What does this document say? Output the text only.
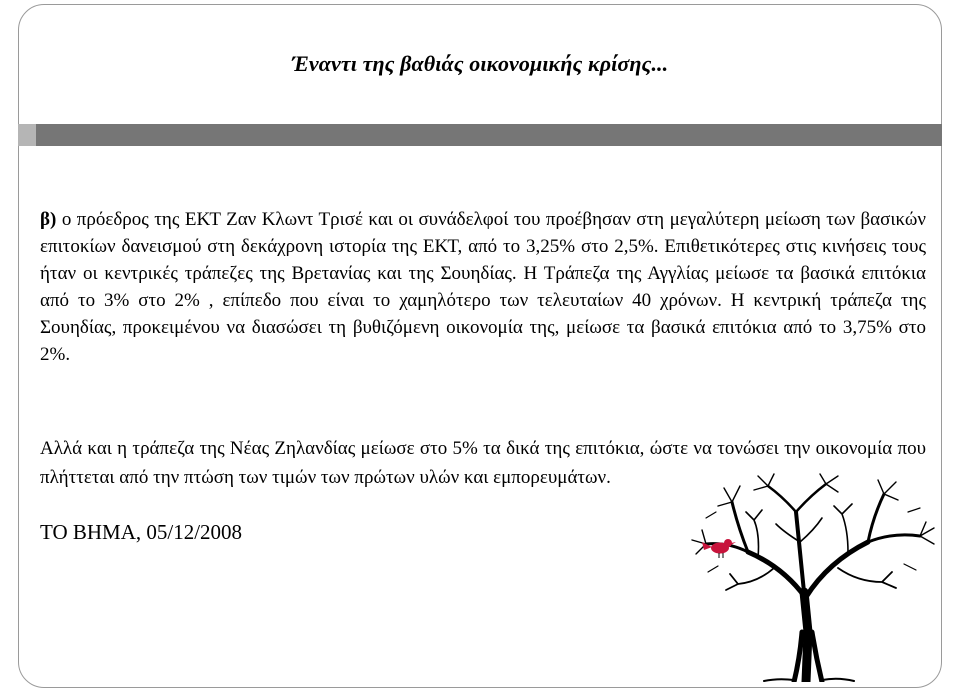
Έναντι της βαθιάς οικονομικής κρίσης...
β) ο πρόεδρος της ΕΚΤ Ζαν Κλωντ Τρισέ και οι συνάδελφοί του προέβησαν στη μεγαλύτερη μείωση των βασικών επιτοκίων δανεισμού στη δεκάχρονη ιστορία της ΕΚΤ, από το 3,25% στο 2,5%. Επιθετικότερες στις κινήσεις τους ήταν οι κεντρικές τράπεζες της Βρετανίας και της Σουηδίας. Η Τράπεζα της Αγγλίας μείωσε τα βασικά επιτόκια από το 3% στο 2% , επίπεδο που είναι το χαμηλότερο των τελευταίων 40 χρόνων. Η κεντρική τράπεζα της Σουηδίας, προκειμένου να διασώσει τη βυθιζόμενη οικονομία της, μείωσε τα βασικά επιτόκια από το 3,75% στο 2%.
Αλλά και η τράπεζα της Νέας Ζηλανδίας μείωσε στο 5% τα δικά της επιτόκια, ώστε να τονώσει την οικονομία που πλήττεται από την πτώση των τιμών των πρώτων υλών και εμπορευμάτων.
ΤΟ ΒΗΜΑ, 05/12/2008
